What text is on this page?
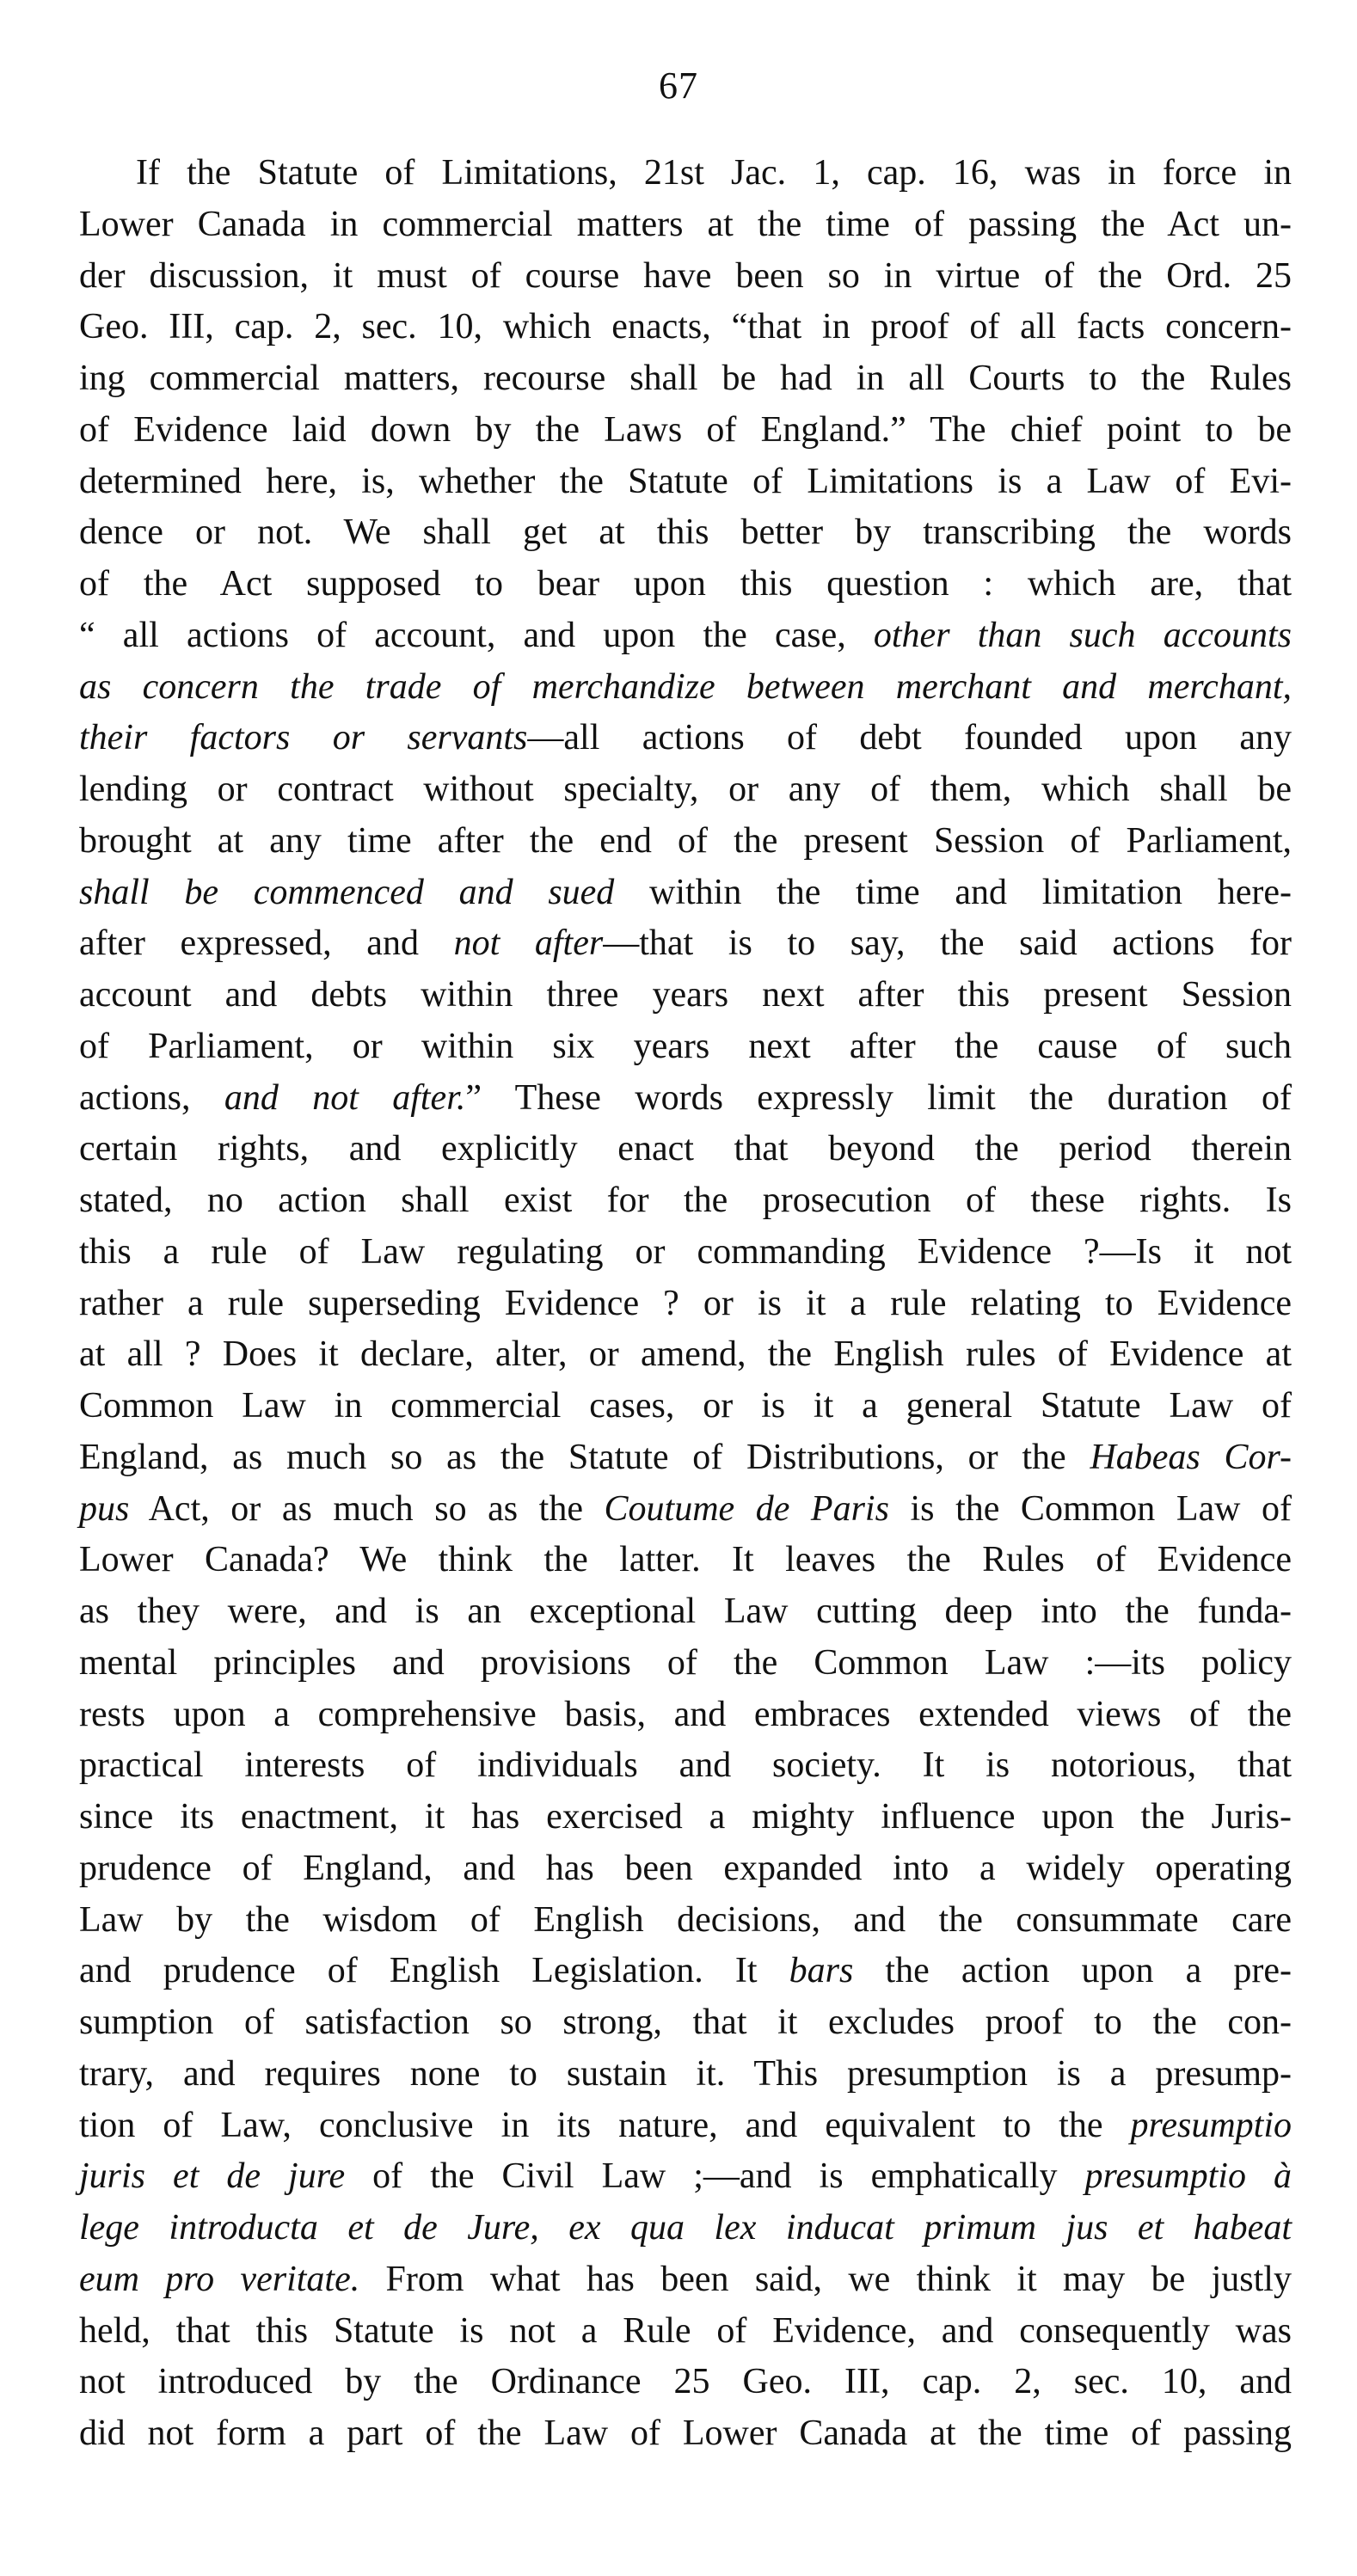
67
If the Statute of Limitations, 21st Jac. 1, cap. 16, was in force in
Lower Canada in commercial matters at the time of passing the Act un-
der discussion, it must of course have been so in virtue of the Ord. 25
Geo. III, cap. 2, sec. 10, which enacts, “that in proof of all facts concern-
ing commercial matters, recourse shall be had in all Courts to the Rules
of Evidence laid down by the Laws of England.” The chief point to be
determined here, is, whether the Statute of Limitations is a Law of Evi-
dence or not. We shall get at this better by transcribing the words
of the Act supposed to bear upon this question : which are, that
“ all actions of account, and upon the case, other than such accounts
as concern the trade of merchandize between merchant and merchant,
their factors or servants—all actions of debt founded upon any
lending or contract without specialty, or any of them, which shall be
brought at any time after the end of the present Session of Parliament,
shall be commenced and sued within the time and limitation here-
after expressed, and not after—that is to say, the said actions for
account and debts within three years next after this present Session
of Parliament, or within six years next after the cause of such
actions, and not after.” These words expressly limit the duration of
certain rights, and explicitly enact that beyond the period therein
stated, no action shall exist for the prosecution of these rights. Is
this a rule of Law regulating or commanding Evidence ?—Is it not
rather a rule superseding Evidence ? or is it a rule relating to Evidence
at all ? Does it declare, alter, or amend, the English rules of Evidence at
Common Law in commercial cases, or is it a general Statute Law of
England, as much so as the Statute of Distributions, or the Habeas Cor-
pus Act, or as much so as the Coutume de Paris is the Common Law of
Lower Canada? We think the latter. It leaves the Rules of Evidence
as they were, and is an exceptional Law cutting deep into the funda-
mental principles and provisions of the Common Law :—its policy
rests upon a comprehensive basis, and embraces extended views of the
practical interests of individuals and society. It is notorious, that
since its enactment, it has exercised a mighty influence upon the Juris-
prudence of England, and has been expanded into a widely operating
Law by the wisdom of English decisions, and the consummate care
and prudence of English Legislation. It bars the action upon a pre-
sumption of satisfaction so strong, that it excludes proof to the con-
trary, and requires none to sustain it. This presumption is a presump-
tion of Law, conclusive in its nature, and equivalent to the presumptio
juris et de jure of the Civil Law ;—and is emphatically presumptio à
lege introducta et de Jure, ex qua lex inducat primum jus et habeat
eum pro veritate. From what has been said, we think it may be justly
held, that this Statute is not a Rule of Evidence, and consequently was
not introduced by the Ordinance 25 Geo. III, cap. 2, sec. 10, and
did not form a part of the Law of Lower Canada at the time of passing
